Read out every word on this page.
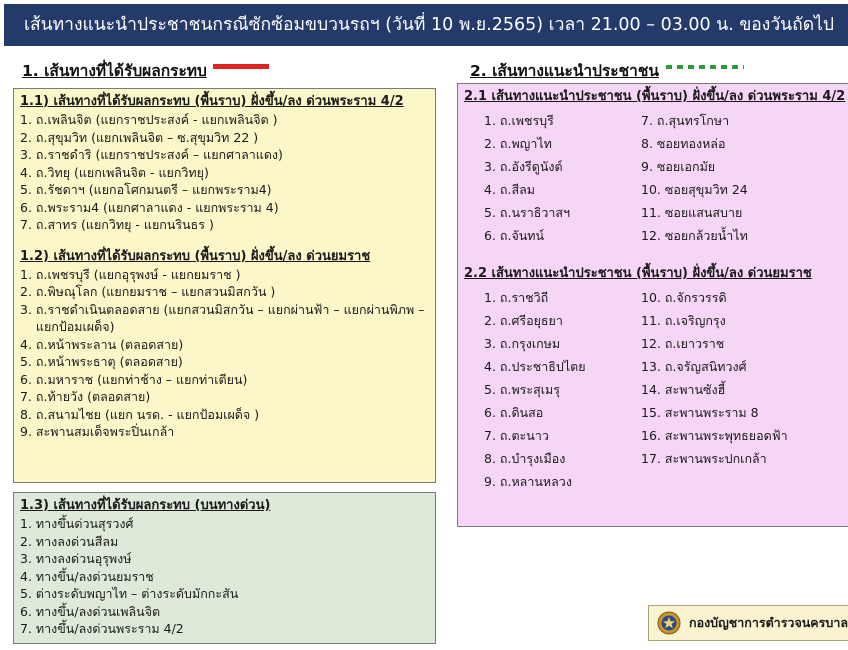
เส้นทางแนะนำประชาชนกรณีซักซ้อมขบวนรถฯ (วันที่ 10 พ.ย.2565) เวลา 21.00 – 03.00 น. ของวันถัดไป
1. เส้นทางที่ได้รับผลกระทบ	2. เส้นทางแนะนำประชาชน

1.1) เส้นทางที่ได้รับผลกระทบ (พื้นราบ) ฝั่งขึ้น/ลง ด่วนพระราม 4/2

1. ถ.เพลินจิต (แยกราชประสงค์ - แยกเพลินจิต )
2. ถ.สุขุมวิท (แยกเพลินจิต – ซ.สุขุมวิท 22 )
3. ถ.ราชดำริ (แยกราชประสงค์ – แยกศาลาแดง)
4. ถ.วิทยุ (แยกเพลินจิต - แยกวิทยุ)
5. ถ.รัชดาฯ (แยกอโศกมนตรี – แยกพระราม4)
6. ถ.พระราม4 (แยกศาลาแดง - แยกพระราม 4)
7. ถ.สาทร (แยกวิทยุ - แยกนรินธร )

1.2) เส้นทางที่ได้รับผลกระทบ (พื้นราบ) ฝั่งขึ้น/ลง ด่วนยมราช

1. ถ.เพชรบุรี (แยกอุรุพงษ์ - แยกยมราช )
2. ถ.พิษณุโลก (แยกยมราช – แยกสวนมิสกวัน )
3. ถ.ราชดำเนินตลอดสาย (แยกสวนมิสกวัน – แยกผ่านฟ้า – แยกผ่านพิภพ –
แยกป้อมเผด็จ)
4. ถ.หน้าพระลาน (ตลอดสาย)
5. ถ.หน้าพระธาตุ (ตลอดสาย)
6. ถ.มหาราช (แยกท่าช้าง – แยกท่าเตียน)
7. ถ.ท้ายวัง (ตลอดสาย)
8. ถ.สนามไชย (แยก นรด. - แยกป้อมเผด็จ )
9. สะพานสมเด็จพระปิ่นเกล้า

1.3) เส้นทางที่ได้รับผลกระทบ (บนทางด่วน)

1. ทางขึ้นด่วนสุรวงศ์
2. ทางลงด่วนสีลม
3. ทางลงด่วนอุรุพงษ์
4. ทางขึ้น/ลงด่วนยมราช
5. ต่างระดับพญาไท – ต่างระดับมักกะสัน
6. ทางขึ้น/ลงด่วนเพลินจิต
7. ทางขึ้น/ลงด่วนพระราม 4/2

2.1 เส้นทางแนะนำประชาชน (พื้นราบ) ฝั่งขึ้น/ลง ด่วนพระราม 4/2

1. ถ.เพชรบุรี
2. ถ.พญาไท
3. ถ.อังรีดูนังต์
4. ถ.สีลม
5. ถ.นราธิวาสฯ
6. ถ.จันทน์
7. ถ.สุนทรโกษา
8. ซอยทองหล่อ
9. ซอยเอกมัย
10. ซอยสุขุมวิท 24
11. ซอยแสนสบาย
12. ซอยกล้วยน้ำไท

2.2 เส้นทางแนะนำประชาชน (พื้นราบ) ฝั่งขึ้น/ลง ด่วนยมราช

1. ถ.ราชวิถี
2. ถ.ศรีอยุธยา
3. ถ.กรุงเกษม
4. ถ.ประชาธิปไตย
5. ถ.พระสุเมรุ
6. ถ.ดินสอ
7. ถ.ตะนาว
8. ถ.บำรุงเมือง
9. ถ.หลานหลวง
10. ถ.จักรวรรดิ
11. ถ.เจริญกรุง
12. ถ.เยาวราช
13. ถ.จรัญสนิทวงศ์
14. สะพานซังฮี้
15. สะพานพระราม 8
16. สะพานพระพุทธยอดฟ้า
17. สะพานพระปกเกล้า
กองบัญชาการตำรวจนครบาล
